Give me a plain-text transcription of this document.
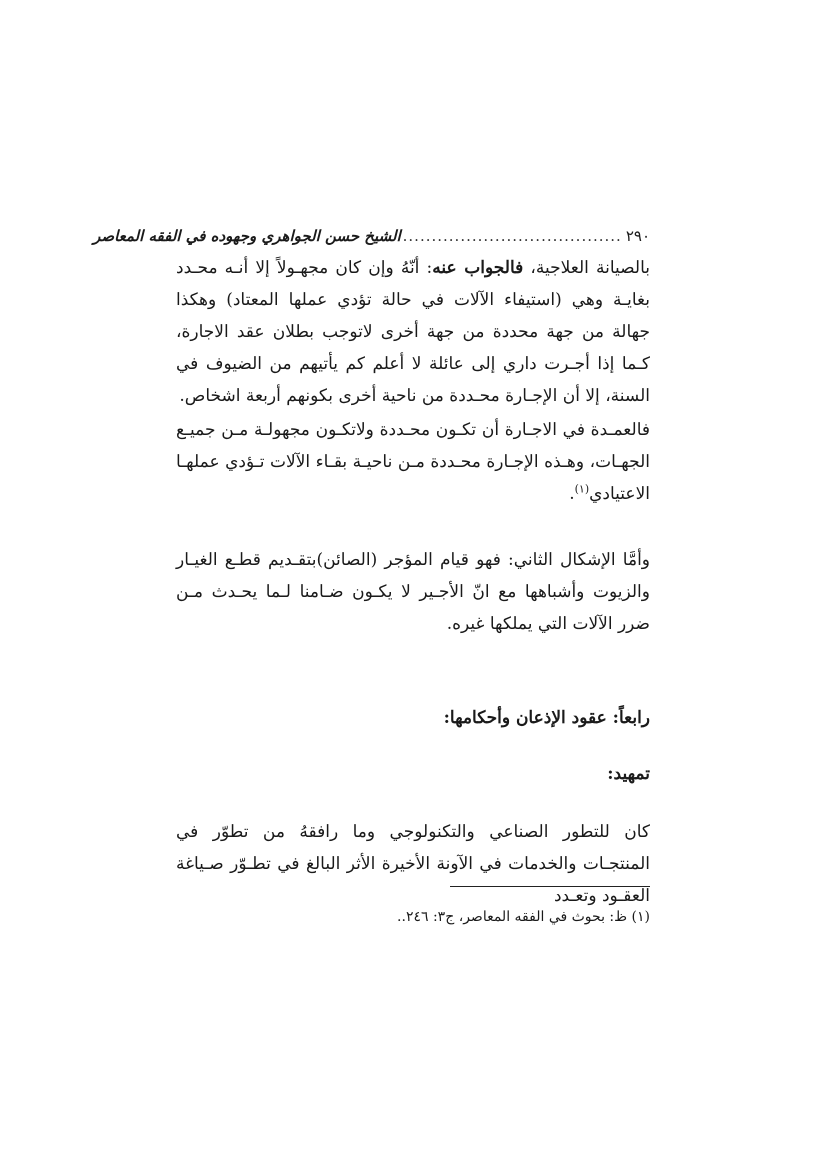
٢٩٠
......................................
الشيخ حسن الجواهري وجهوده في الفقه المعاصر
بالصيانة العلاجية، فالجواب عنه: أنّهُ وإن كان مجهـولاً إلا أنـه محـدد بغايـة وهي (استيفاء الآلات في حالة تؤدي عملها المعتاد) وهكذا جهالة من جهة محددة من جهة أخرى لاتوجب بطلان عقد الاجارة، كـما إذا أجـرت داري إلى عائلة لا أعلم كم يأتيهم من الضيوف في السنة، إلا أن الإجـارة محـددة من ناحية أخرى بكونهم أربعة اشخاص.
فالعمـدة في الاجـارة أن تكـون محـددة ولاتكـون مجهولـة مـن جميـع الجهـات، وهـذه الإجـارة محـددة مـن ناحيـة بقـاء الآلات تـؤدي عملهـا الاعتيادي$^{(١)}$.
وأمَّا الإشكال الثاني: فهو قيام المؤجر (الصائن)بتقـديم قطـع الغيـار والزيوت وأشباهها مع انّ الأجـير لا يكـون ضـامنا لـما يحـدث مـن ضرر الآلات التي يملكها غيره.
رابعاً: عقود الإذعان وأحكامها:
تمهيد:
كان للتطور الصناعي والتكنولوجي وما رافقهُ من تطوّر في المنتجـات والخدمات في الآونة الأخيرة الأثر البالغ في تطـوّر صـياغة العقـود وتعـدد
(١) ظ: بحوث في الفقه المعاصر، ج٣: ٢٤٦..
